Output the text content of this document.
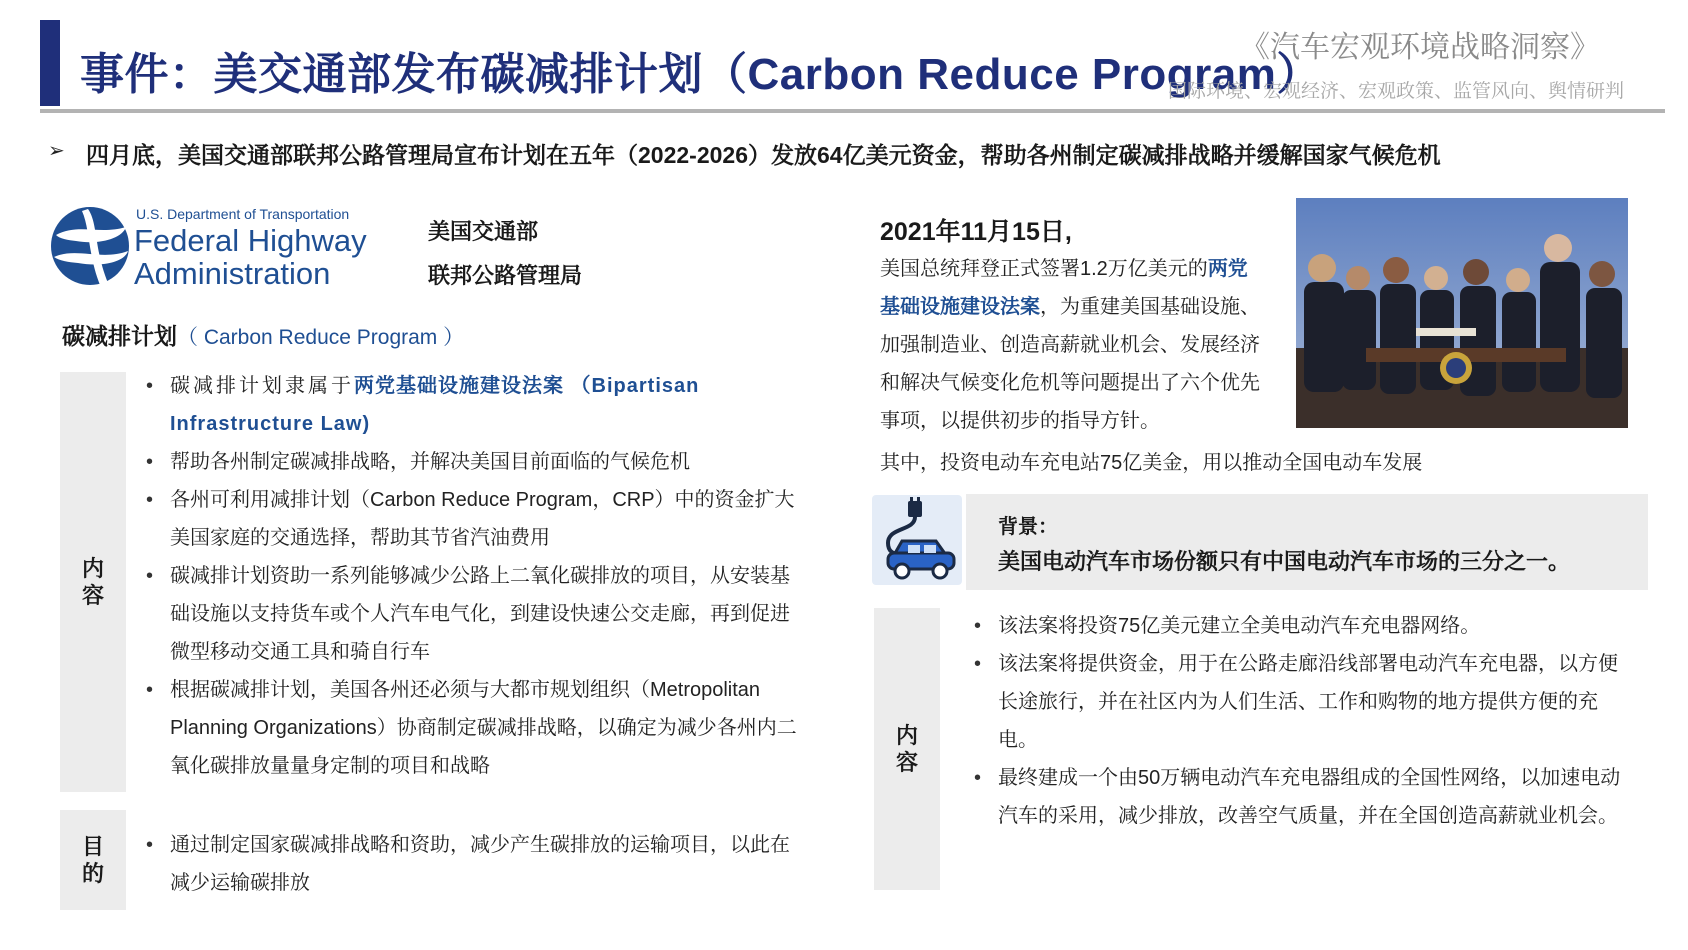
事件：美交通部发布碳减排计划（Carbon Reduce Program）
国际环境、宏观经济、宏观政策、监管风向、舆情研判
《汽车宏观环境战略洞察》
➢ 四月底，美国交通部联邦公路管理局宣布计划在五年（2022-2026）发放64亿美元资金，帮助各州制定碳减排战略并缓解国家气候危机
U.S. Department of Transportation
Federal Highway
Administration
美国交通部
联邦公路管理局
碳减排计划（ Carbon Reduce Program ）
内容
• 碳减排计划隶属于两党基础设施建设法案 （Bipartisan Infrastructure Law)
• 帮助各州制定碳减排战略，并解决美国目前面临的气候危机
• 各州可利用减排计划（Carbon Reduce Program，CRP）中的资金扩大美国家庭的交通选择，帮助其节省汽油费用
• 碳减排计划资助一系列能够减少公路上二氧化碳排放的项目，从安装基础设施以支持货车或个人汽车电气化，到建设快速公交走廊，再到促进微型移动交通工具和骑自行车
• 根据碳减排计划，美国各州还必须与大都市规划组织（Metropolitan Planning Organizations）协商制定碳减排战略，以确定为减少各州内二氧化碳排放量量身定制的项目和战略
目的
• 通过制定国家碳减排战略和资助，减少产生碳排放的运输项目，以此在减少运输碳排放
2021年11月15日,
美国总统拜登正式签署1.2万亿美元的两党基础设施建设法案，为重建美国基础设施、加强制造业、创造高薪就业机会、发展经济和解决气候变化危机等问题提出了六个优先事项，以提供初步的指导方针。
其中，投资电动车充电站75亿美金，用以推动全国电动车发展
背景：
美国电动汽车市场份额只有中国电动汽车市场的三分之一。
内容
• 该法案将投资75亿美元建立全美电动汽车充电器网络。
• 该法案将提供资金，用于在公路走廊沿线部署电动汽车充电器，以方便长途旅行，并在社区内为人们生活、工作和购物的地方提供方便的充电。
• 最终建成一个由50万辆电动汽车充电器组成的全国性网络，以加速电动汽车的采用，减少排放，改善空气质量，并在全国创造高薪就业机会。
